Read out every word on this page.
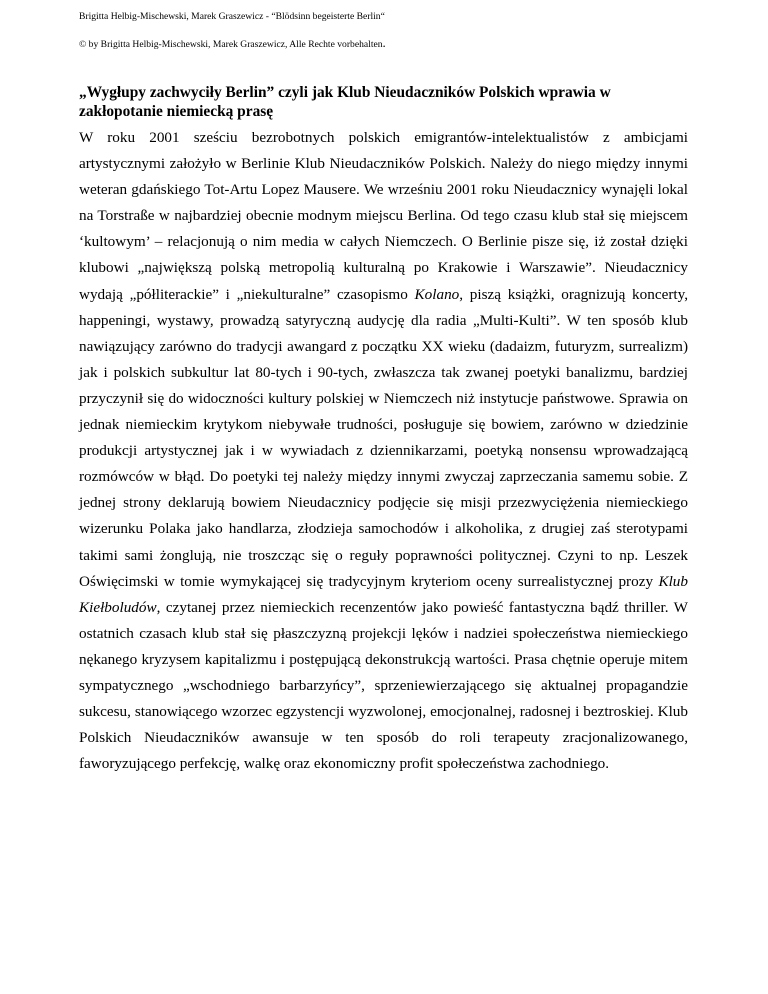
Brigitta Helbig-Mischewski, Marek Graszewicz - “Blödsinn begeisterte Berlin“
© by Brigitta Helbig-Mischewski, Marek Graszewicz, Alle Rechte vorbehalten.
„Wygłupy zachwyciły Berlin” czyli jak Klub Nieudaczników Polskich wprawia w zakłopotanie niemiecką prasę

W roku 2001 sześciu bezrobotnych polskich emigrantów-intelektualistów z ambicjami artystycznymi założyło w Berlinie Klub Nieudaczników Polskich. Należy do niego między innymi weteran gdańskiego Tot-Artu Lopez Mausere. We wrześniu 2001 roku Nieudacznicy wynajęli lokal na Torstraße w najbardziej obecnie modnym miejscu Berlina. Od tego czasu klub stał się miejscem ‘kultowym’ – relacjonują o nim media w całych Niemczech. O Berlinie pisze się, iż został dzięki klubowi „największą polską metropolią kulturalną po Krakowie i Warszawie”. Nieudacznicy wydają „półliterackie” i „niekulturalne” czasopismo Kolano, piszą książki, oragnizują koncerty, happeningi, wystawy, prowadzą satyryczną audycję dla radia „Multi-Kulti”. W ten sposób klub nawiązujący zarówno do tradycji awangard z początku XX wieku (dadaizm, futuryzm, surrealizm) jak i polskich subkultur lat 80-tych i 90-tych, zwłaszcza tak zwanej poetyki banalizmu, bardziej przyczynił się do widoczności kultury polskiej w Niemczech niż instytucje państwowe. Sprawia on jednak niemieckim krytykom niebywałe trudności, posługuje się bowiem, zarówno w dziedzinie produkcji artystycznej jak i w wywiadach z dziennikarzami, poetyką nonsensu wprowadzającą rozmówców w błąd. Do poetyki tej należy między innymi zwyczaj zaprzeczania samemu sobie. Z jednej strony deklarują bowiem Nieudacznicy podjęcie się misji przezwyciężenia niemieckiego wizerunku Polaka jako handlarza, złodzieja samochodów i alkoholika, z drugiej zaś sterotypami takimi sami żonglują, nie troszcząc się o reguły poprawności politycznej. Czyni to np. Leszek Oświęcimski w tomie wymykającej się tradycyjnym kryteriom oceny surrealistycznej prozy Klub Kiełboludów, czytanej przez niemieckich recenzentów jako powieść fantastyczna bądź thriller. W ostatnich czasach klub stał się płaszczyzną projekcji lęków i nadziei społeczeństwa niemieckiego nękanego kryzysem kapitalizmu i postępującą dekonstrukcją wartości. Prasa chętnie operuje mitem sympatycznego „wschodniego barbarzyńcy”, sprzeniewierzającego się aktualnej propagandzie sukcesu, stanowiącego wzorzec egzystencji wyzwolonej, emocjonalnej, radosnej i beztroskiej. Klub Polskich Nieudaczników awansuje w ten sposób do roli terapeuty zracjonalizowanego, faworyzującego perfekcję, walkę oraz ekonomiczny profit społeczeństwa zachodniego.
